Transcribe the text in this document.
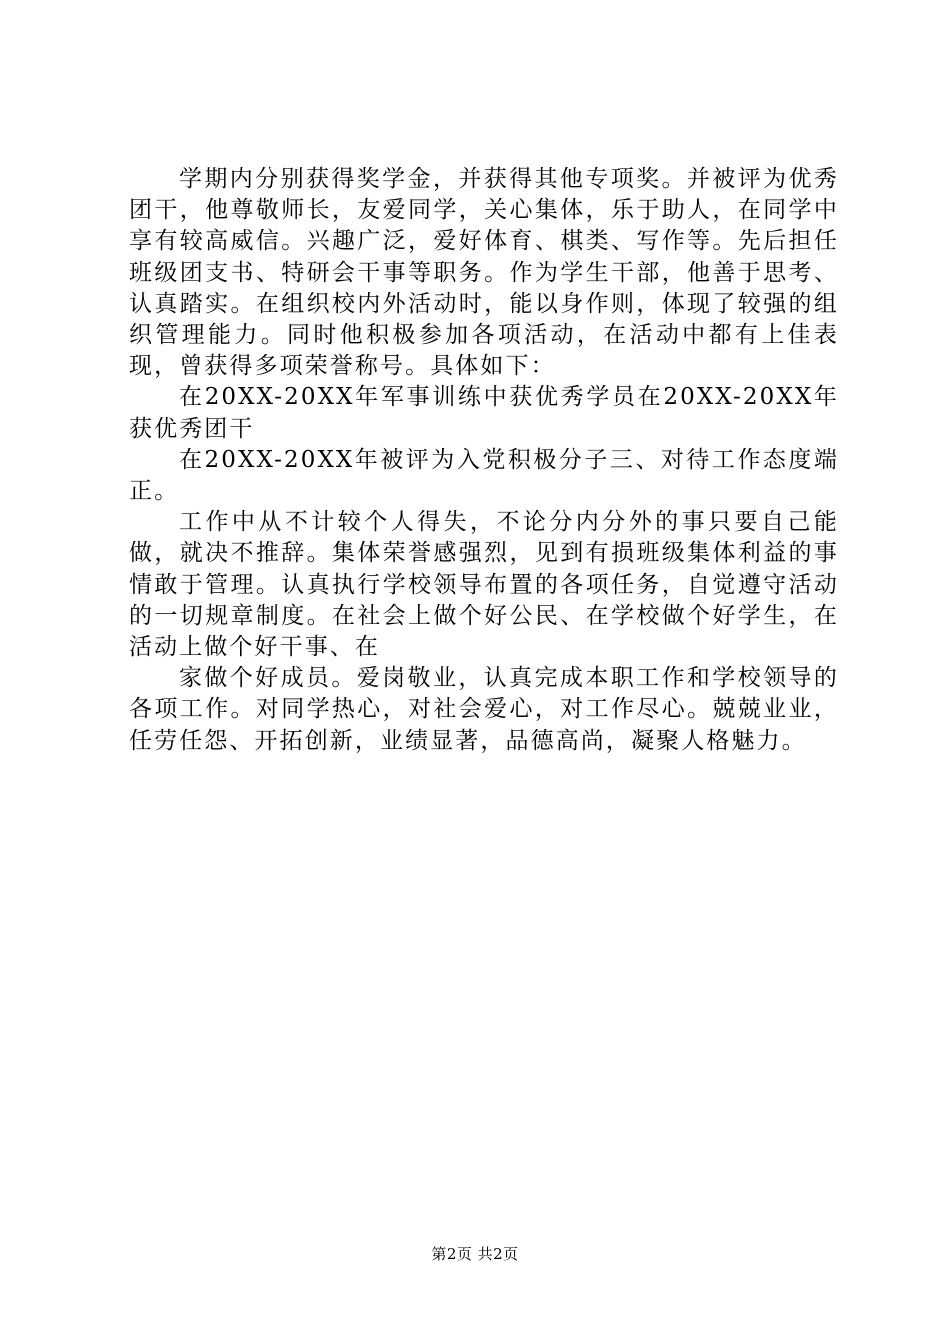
学期内分别获得奖学金，并获得其他专项奖。并被评为优秀团干，他尊敬师长，友爱同学，关心集体，乐于助人，在同学中享有较高威信。兴趣广泛，爱好体育、棋类、写作等。先后担任班级团支书、特研会干事等职务。作为学生干部，他善于思考、认真踏实。在组织校内外活动时，能以身作则，体现了较强的组织管理能力。同时他积极参加各项活动，在活动中都有上佳表现，曾获得多项荣誉称号。具体如下：

在20XX-20XX年军事训练中获优秀学员在20XX-20XX年获优秀团干

在20XX-20XX年被评为入党积极分子三、对待工作态度端正。

工作中从不计较个人得失，不论分内分外的事只要自己能做，就决不推辞。集体荣誉感强烈，见到有损班级集体利益的事情敢于管理。认真执行学校领导布置的各项任务，自觉遵守活动的一切规章制度。在社会上做个好公民、在学校做个好学生，在活动上做个好干事、在

家做个好成员。爱岗敬业，认真完成本职工作和学校领导的各项工作。对同学热心，对社会爱心，对工作尽心。兢兢业业，任劳任怨、开拓创新，业绩显著，品德高尚，凝聚人格魅力。

第2页 共2页
